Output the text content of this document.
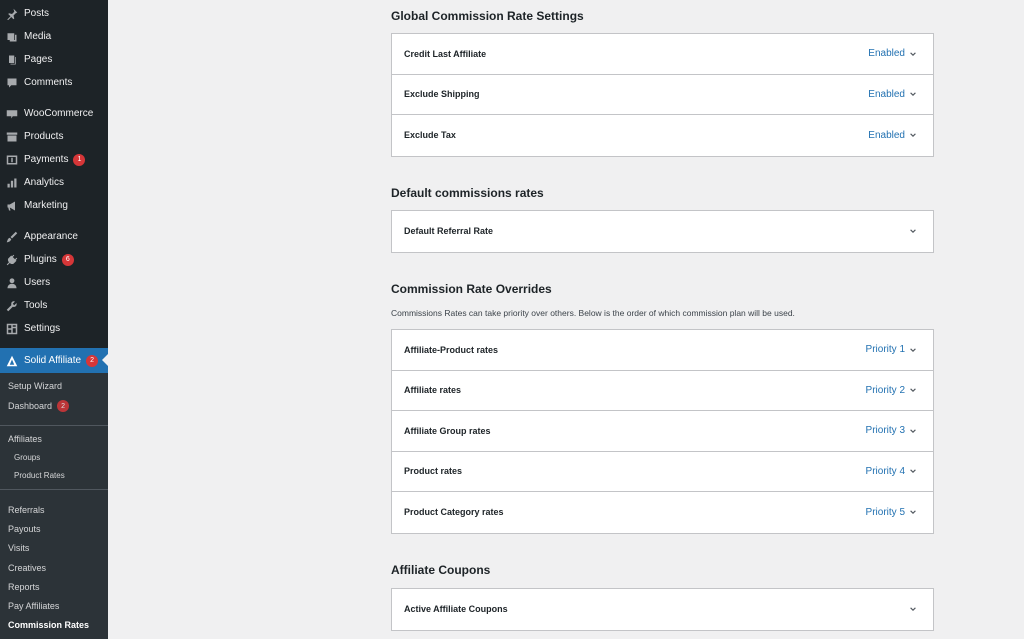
Posts
Media
Pages
Comments
WooCommerce
Products
Payments	1
Analytics
Marketing
Appearance
Plugins	6
Users
Tools
Settings
Solid Affiliate	2
Setup Wizard
Dashboard	2
Affiliates
Groups
Product Rates
Referrals
Payouts
Visits
Creatives
Reports
Pay Affiliates
Commission Rates
Global Commission Rate Settings
Credit Last Affiliate	Enabled
Exclude Shipping	Enabled
Exclude Tax	Enabled
Default commissions rates
Default Referral Rate
Commission Rate Overrides
Commissions Rates can take priority over others. Below is the order of which commission plan will be used.
Affiliate-Product rates	Priority 1
Affiliate rates	Priority 2
Affiliate Group rates	Priority 3
Product rates	Priority 4
Product Category rates	Priority 5
Affiliate Coupons
Active Affiliate Coupons
